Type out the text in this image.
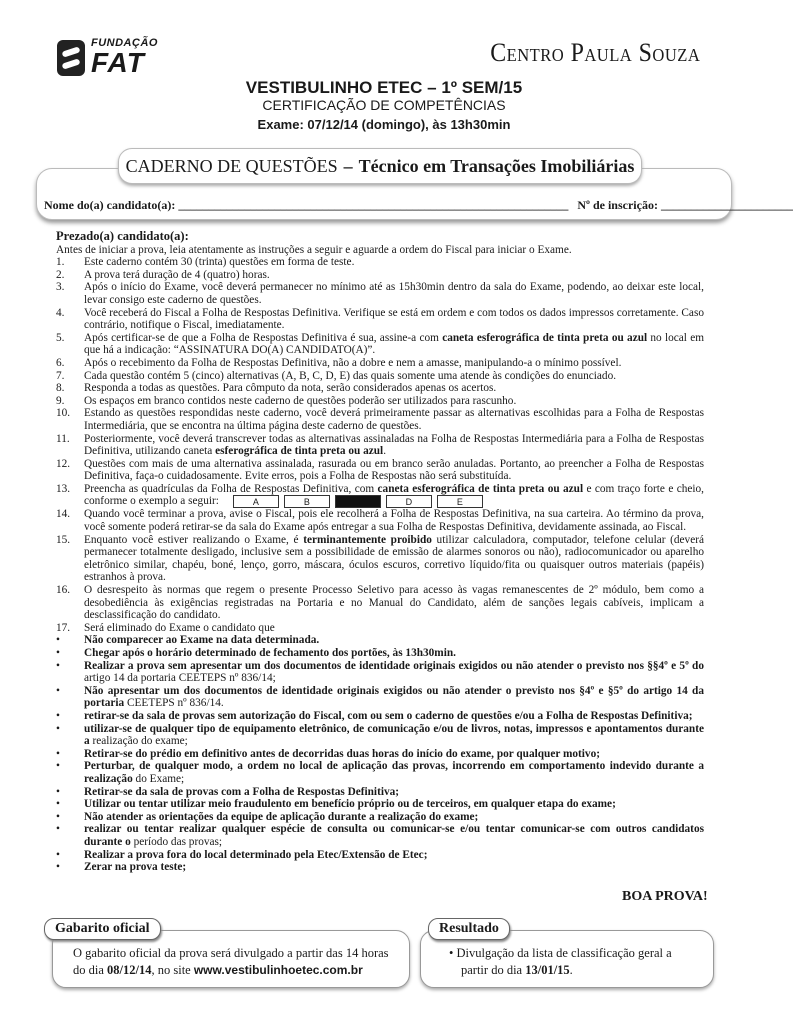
FUNDAÇÃO
FAT	Centro Paula Souza
VESTIBULINHO ETEC – 1º SEM/15
CERTIFICAÇÃO DE COMPETÊNCIAS
Exame: 07/12/14 (domingo), às 13h30min
CADERNO DE QUESTÕES – Técnico em Transações Imobiliárias
Nome do(a) candidato(a): _________________________________________________________________ Nº de inscrição: ______________________
Prezado(a) candidato(a):
Antes de iniciar a prova, leia atentamente as instruções a seguir e aguarde a ordem do Fiscal para iniciar o Exame.
1.	Este caderno contém 30 (trinta) questões em forma de teste.
2.	A prova terá duração de 4 (quatro) horas.
3.	Após o início do Exame, você deverá permanecer no mínimo até as 15h30min dentro da sala do Exame, podendo, ao deixar este local, levar consigo este caderno de questões.
4.	Você receberá do Fiscal a Folha de Respostas Definitiva. Verifique se está em ordem e com todos os dados impressos corretamente. Caso contrário, notifique o Fiscal, imediatamente.
5.	Após certificar-se de que a Folha de Respostas Definitiva é sua, assine-a com caneta esferográfica de tinta preta ou azul no local em que há a indicação: “ASSINATURA DO(A) CANDIDATO(A)”.
6.	Após o recebimento da Folha de Respostas Definitiva, não a dobre e nem a amasse, manipulando-a o mínimo possível.
7.	Cada questão contém 5 (cinco) alternativas (A, B, C, D, E) das quais somente uma atende às condições do enunciado.
8.	Responda a todas as questões. Para cômputo da nota, serão considerados apenas os acertos.
9.	Os espaços em branco contidos neste caderno de questões poderão ser utilizados para rascunho.
10.	Estando as questões respondidas neste caderno, você deverá primeiramente passar as alternativas escolhidas para a Folha de Respostas Intermediária, que se encontra na última página deste caderno de questões.
11.	Posteriormente, você deverá transcrever todas as alternativas assinaladas na Folha de Respostas Intermediária para a Folha de Respostas Definitiva, utilizando caneta esferográfica de tinta preta ou azul.
12.	Questões com mais de uma alternativa assinalada, rasurada ou em branco serão anuladas. Portanto, ao preencher a Folha de Respostas Definitiva, faça-o cuidadosamente. Evite erros, pois a Folha de Respostas não será substituída.
13.	Preencha as quadrículas da Folha de Respostas Definitiva, com caneta esferográfica de tinta preta ou azul e com traço forte e cheio, conforme o exemplo a seguir:	A	B	D	E
14.	Quando você terminar a prova, avise o Fiscal, pois ele recolherá a Folha de Respostas Definitiva, na sua carteira. Ao término da prova, você somente poderá retirar-se da sala do Exame após entregar a sua Folha de Respostas Definitiva, devidamente assinada, ao Fiscal.
15.	Enquanto você estiver realizando o Exame, é terminantemente proibido utilizar calculadora, computador, telefone celular (deverá permanecer totalmente desligado, inclusive sem a possibilidade de emissão de alarmes sonoros ou não), radiocomunicador ou aparelho eletrônico similar, chapéu, boné, lenço, gorro, máscara, óculos escuros, corretivo líquido/fita ou quaisquer outros materiais (papéis) estranhos à prova.
16.	O desrespeito às normas que regem o presente Processo Seletivo para acesso às vagas remanescentes de 2º módulo, bem como a desobediência às exigências registradas na Portaria e no Manual do Candidato, além de sanções legais cabíveis, implicam a desclassificação do candidato.
17.	Será eliminado do Exame o candidato que
•	Não comparecer ao Exame na data determinada.
•	Chegar após o horário determinado de fechamento dos portões, às 13h30min.
•	Realizar a prova sem apresentar um dos documentos de identidade originais exigidos ou não atender o previsto nos §§4º e 5º do artigo 14 da portaria CEETEPS nº 836/14;
•	Não apresentar um dos documentos de identidade originais exigidos ou não atender o previsto nos §4º e §5º do artigo 14 da portaria CEETEPS nº 836/14.
•	retirar-se da sala de provas sem autorização do Fiscal, com ou sem o caderno de questões e/ou a Folha de Respostas Definitiva;
•	utilizar-se de qualquer tipo de equipamento eletrônico, de comunicação e/ou de livros, notas, impressos e apontamentos durante a realização do exame;
•	Retirar-se do prédio em definitivo antes de decorridas duas horas do início do exame, por qualquer motivo;
•	Perturbar, de qualquer modo, a ordem no local de aplicação das provas, incorrendo em comportamento indevido durante a realização do Exame;
•	Retirar-se da sala de provas com a Folha de Respostas Definitiva;
•	Utilizar ou tentar utilizar meio fraudulento em benefício próprio ou de terceiros, em qualquer etapa do exame;
•	Não atender as orientações da equipe de aplicação durante a realização do exame;
•	realizar ou tentar realizar qualquer espécie de consulta ou comunicar-se e/ou tentar comunicar-se com outros candidatos durante o período das provas;
•	Realizar a prova fora do local determinado pela Etec/Extensão de Etec;
•	Zerar na prova teste;
BOA PROVA!
O gabarito oficial da prova será divulgado a partir das 14 horas
do dia 08/12/14, no site www.vestibulinhoetec.com.br
Gabarito oficial
• Divulgação da lista de classificação geral a
partir do dia 13/01/15.
Resultado
